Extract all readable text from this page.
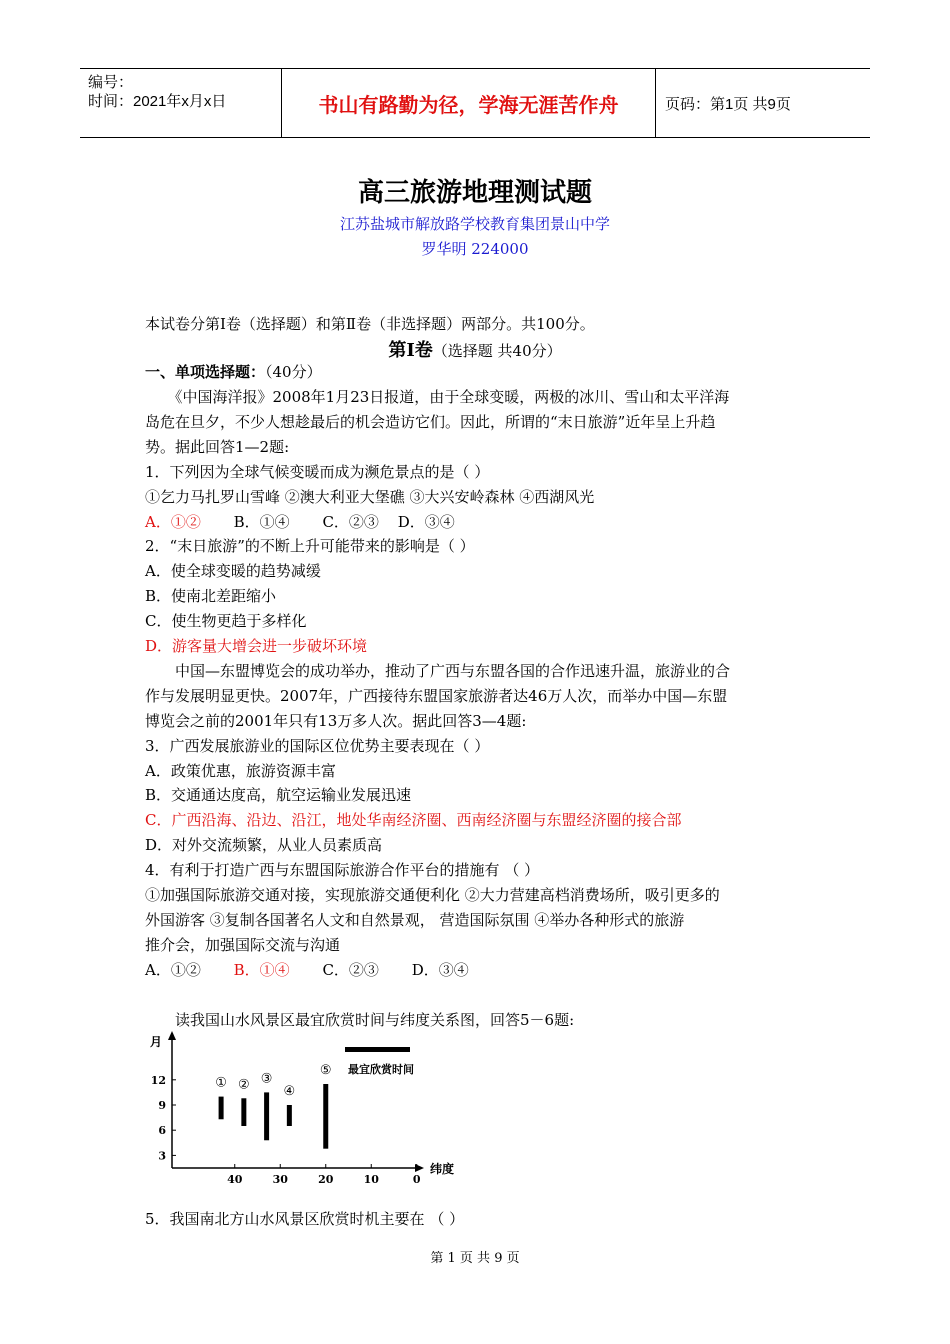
编号：
时间：2021年x月x日	书山有路勤为径，学海无涯苦作舟	页码：第1页 共9页
高三旅游地理测试题
江苏盐城市解放路学校教育集团景山中学
罗华明 224000
本试卷分第Ⅰ卷（选择题）和第Ⅱ卷（非选择题）两部分。共100分。
第Ⅰ卷（选择题 共40分）
一、单项选择题：（40分）
　　《中国海洋报》2008年1月23日报道，由于全球变暖，两极的冰川、雪山和太平洋海
岛危在旦夕，不少人想趁最后的机会造访它们。因此，所谓的“末日旅游”近年呈上升趋
势。据此回答1—2题:
1．下列因为全球气候变暖而成为濒危景点的是（ ）
①乞力马扎罗山雪峰 ②澳大利亚大堡礁 ③大兴安岭森林 ④西湖风光
2．“末日旅游”的不断上升可能带来的影响是（ ）
A．使全球变暖的趋势减缓
B．使南北差距缩小
C．使生物更趋于多样化
D．游客量大增会进一步破坏环境
　　中国—东盟博览会的成功举办，推动了广西与东盟各国的合作迅速升温，旅游业的合
作与发展明显更快。2007年，广西接待东盟国家旅游者达46万人次，而举办中国—东盟
博览会之前的2001年只有13万多人次。据此回答3—4题:
3．广西发展旅游业的国际区位优势主要表现在（ ）
A．政策优惠，旅游资源丰富
B．交通通达度高，航空运输业发展迅速
C．广西沿海、沿边、沿江，地处华南经济圈、西南经济圈与东盟经济圈的接合部
D．对外交流频繁，从业人员素质高
4．有利于打造广西与东盟国际旅游合作平台的措施有 （ ）
①加强国际旅游交通对接，实现旅游交通便利化 ②大力营建高档消费场所，吸引更多的
外国游客 ③复制各国著名人文和自然景观， 营造国际氛围 ④举办各种形式的旅游
推介会，加强国际交流与沟通
　　读我国山水风景区最宜欣赏时间与纬度关系图，回答5－6题:
A．①② B．①④ C．②③ D．③④
A．①② B．①④ C．②③ D．③④
月
纬度
3
6
9
12
40	30	20	10	0
① ② ③
④
⑤ 最宜欣赏时间
5．我国南北方山水风景区欣赏时机主要在 （ ）
第 1 页 共 9 页
